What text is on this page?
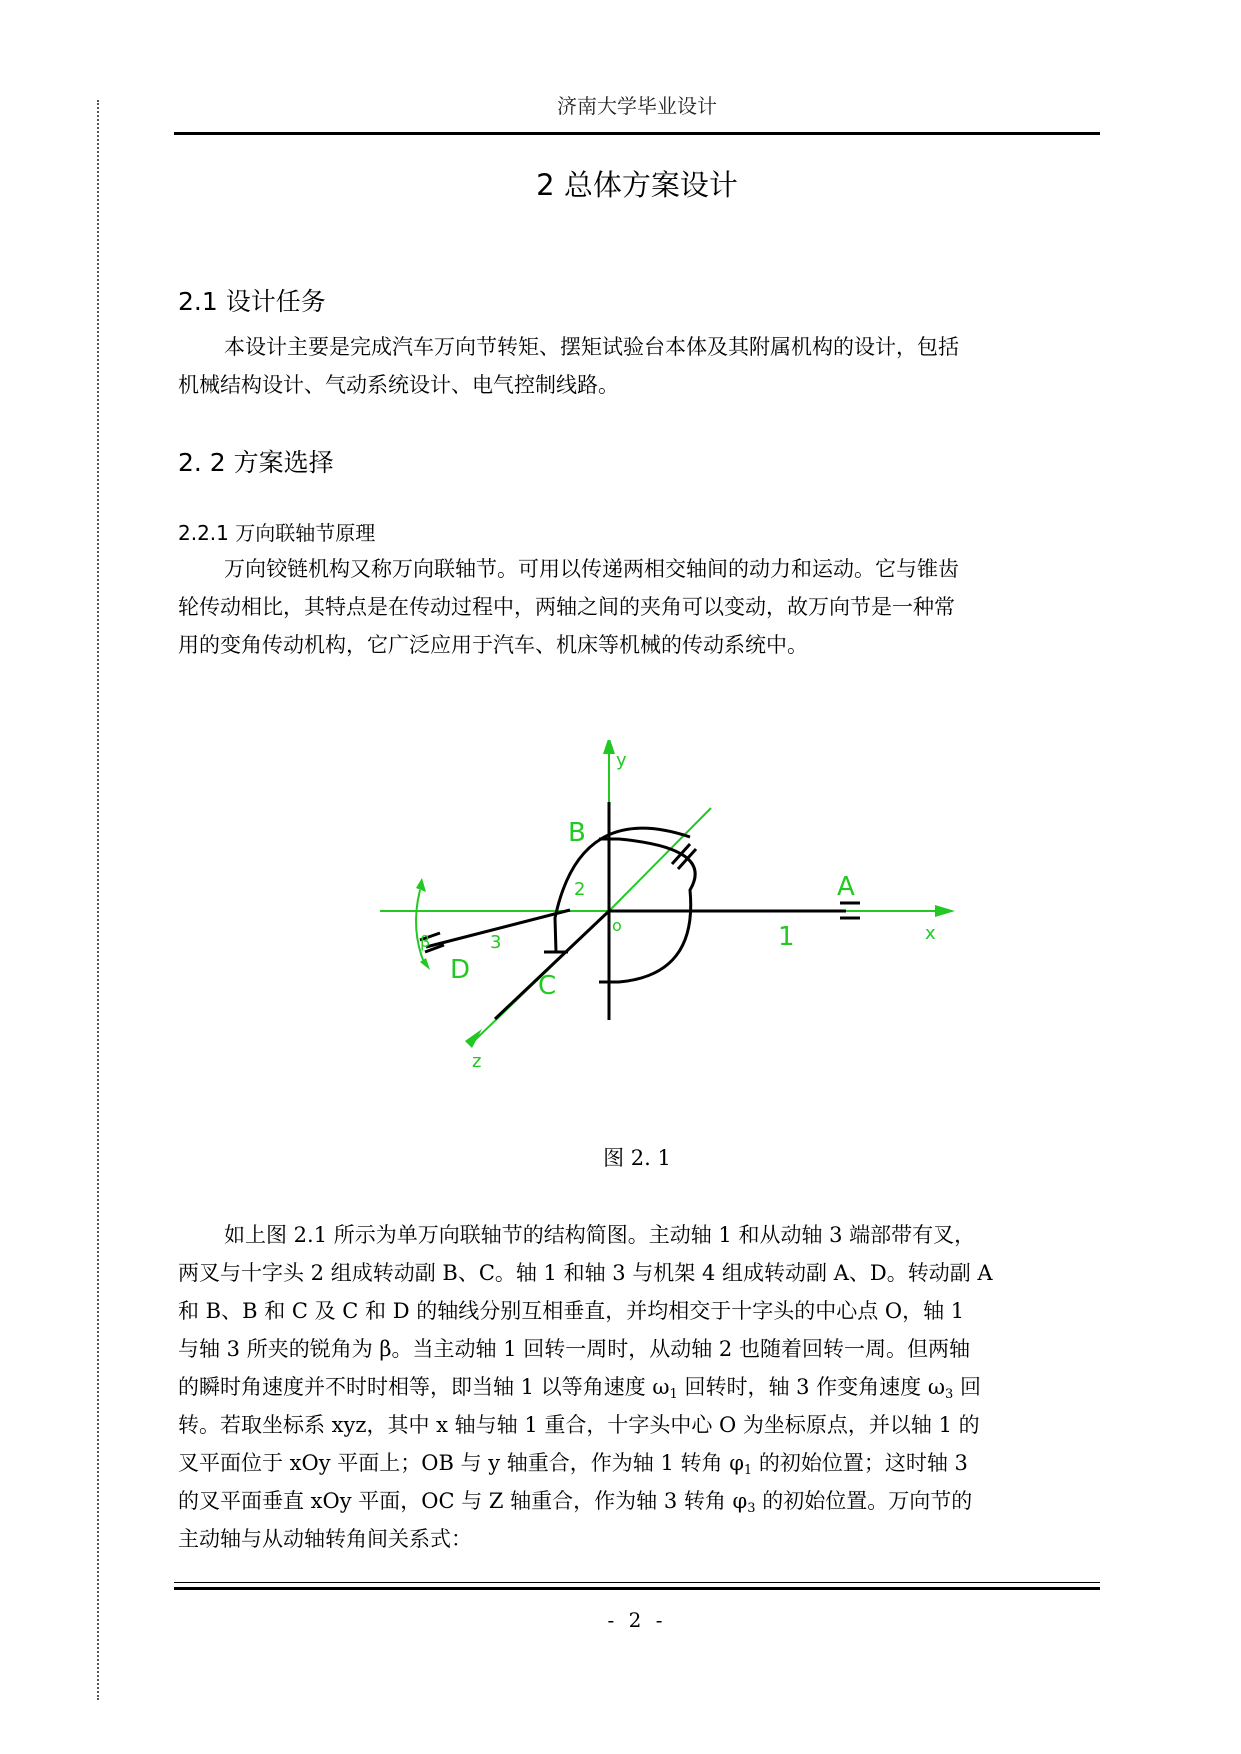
济南大学毕业设计
2 总体方案设计
2.1 设计任务
本设计主要是完成汽车万向节转矩、摆矩试验台本体及其附属机构的设计，包括
机械结构设计、气动系统设计、电气控制线路。
2. 2 方案选择
2.2.1 万向联轴节原理
万向铰链机构又称万向联轴节。可用以传递两相交轴间的动力和运动。它与锥齿
轮传动相比，其特点是在传动过程中，两轴之间的夹角可以变动，故万向节是一种常
用的变角传动机构，它广泛应用于汽车、机床等机械的传动系统中。
y
x
z
A
B
C
D
1
2
3
β
o
图 2. 1
如上图 2.1 所示为单万向联轴节的结构简图。主动轴 1 和从动轴 3 端部带有叉，
两叉与十字头 2 组成转动副 B、C。轴 1 和轴 3 与机架 4 组成转动副 A、D。转动副 A
和 B、B 和 C 及 C 和 D 的轴线分别互相垂直，并均相交于十字头的中心点 O，轴 1
与轴 3 所夹的锐角为 β。当主动轴 1 回转一周时，从动轴 2 也随着回转一周。但两轴
的瞬时角速度并不时时相等，即当轴 1 以等角速度 $\omega_1$ 回转时，轴 3 作变角速度 $\omega_3$ 回
转。若取坐标系 xyz，其中 x 轴与轴 1 重合，十字头中心 O 为坐标原点，并以轴 1 的
叉平面位于 xOy 平面上；OB 与 y 轴重合，作为轴 1 转角 $\varphi_1$ 的初始位置；这时轴 3
的叉平面垂直 xOy 平面，OC 与 Z 轴重合，作为轴 3 转角 $\varphi_3$ 的初始位置。万向节的
主动轴与从动轴转角间关系式：
- 2 -
